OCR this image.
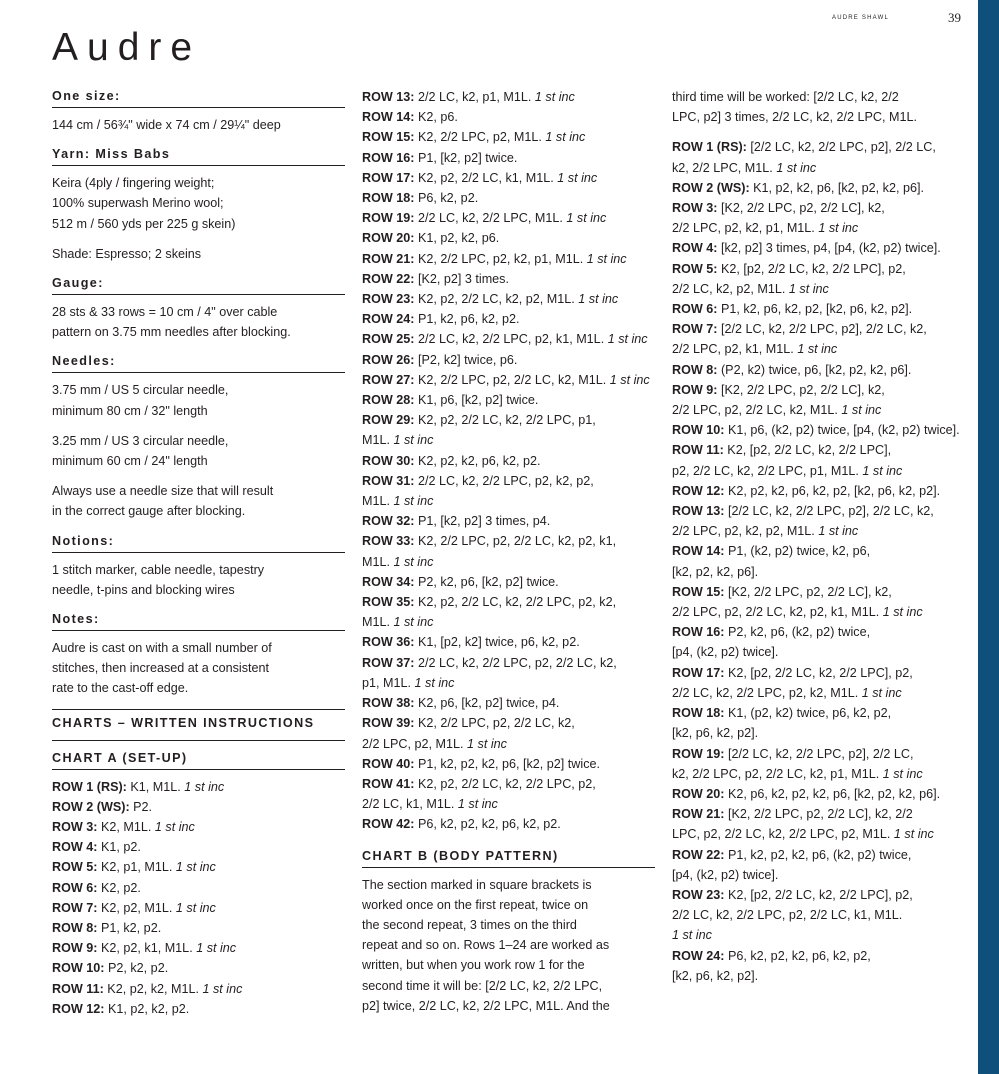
AUDRE SHAWL	39
Audre
One size:

144 cm / 56¾" wide x 74 cm / 29¼" deep

Yarn: Miss Babs

Keira (4ply / fingering weight;
100% superwash Merino wool;
512 m / 560 yds per 225 g skein)

Shade: Espresso; 2 skeins

Gauge:

28 sts & 33 rows = 10 cm / 4" over cable
pattern on 3.75 mm needles after blocking.

Needles:

3.75 mm / US 5 circular needle,
minimum 80 cm / 32" length

3.25 mm / US 3 circular needle,
minimum 60 cm / 24" length

Always use a needle size that will result
in the correct gauge after blocking.

Notions:

1 stitch marker, cable needle, tapestry
needle, t-pins and blocking wires

Notes:

Audre is cast on with a small number of
stitches, then increased at a consistent
rate to the cast-off edge.

CHARTS – WRITTEN INSTRUCTIONS
CHART A (SET-UP)

ROW 1 (RS): K1, M1L. 1 st inc

ROW 2 (WS): P2.

ROW 3: K2, M1L. 1 st inc

ROW 4: K1, p2.

ROW 5: K2, p1, M1L. 1 st inc

ROW 6: K2, p2.

ROW 7: K2, p2, M1L. 1 st inc

ROW 8: P1, k2, p2.

ROW 9: K2, p2, k1, M1L. 1 st inc

ROW 10: P2, k2, p2.

ROW 11: K2, p2, k2, M1L. 1 st inc

ROW 12: K1, p2, k2, p2.

ROW 13: 2/2 LC, k2, p1, M1L. 1 st inc

ROW 14: K2, p6.

ROW 15: K2, 2/2 LPC, p2, M1L. 1 st inc

ROW 16: P1, [k2, p2] twice.

ROW 17: K2, p2, 2/2 LC, k1, M1L. 1 st inc

ROW 18: P6, k2, p2.

ROW 19: 2/2 LC, k2, 2/2 LPC, M1L. 1 st inc

ROW 20: K1, p2, k2, p6.

ROW 21: K2, 2/2 LPC, p2, k2, p1, M1L. 1 st inc

ROW 22: [K2, p2] 3 times.

ROW 23: K2, p2, 2/2 LC, k2, p2, M1L. 1 st inc

ROW 24: P1, k2, p6, k2, p2.

ROW 25: 2/2 LC, k2, 2/2 LPC, p2, k1, M1L. 1 st inc

ROW 26: [P2, k2] twice, p6.

ROW 27: K2, 2/2 LPC, p2, 2/2 LC, k2, M1L. 1 st inc

ROW 28: K1, p6, [k2, p2] twice.

ROW 29: K2, p2, 2/2 LC, k2, 2/2 LPC, p1,
M1L. 1 st inc

ROW 30: K2, p2, k2, p6, k2, p2.

ROW 31: 2/2 LC, k2, 2/2 LPC, p2, k2, p2,
M1L. 1 st inc

ROW 32: P1, [k2, p2] 3 times, p4.

ROW 33: K2, 2/2 LPC, p2, 2/2 LC, k2, p2, k1,
M1L. 1 st inc

ROW 34: P2, k2, p6, [k2, p2] twice.

ROW 35: K2, p2, 2/2 LC, k2, 2/2 LPC, p2, k2,
M1L. 1 st inc

ROW 36: K1, [p2, k2] twice, p6, k2, p2.

ROW 37: 2/2 LC, k2, 2/2 LPC, p2, 2/2 LC, k2,
p1, M1L. 1 st inc

ROW 38: K2, p6, [k2, p2] twice, p4.

ROW 39: K2, 2/2 LPC, p2, 2/2 LC, k2,
2/2 LPC, p2, M1L. 1 st inc

ROW 40: P1, k2, p2, k2, p6, [k2, p2] twice.

ROW 41: K2, p2, 2/2 LC, k2, 2/2 LPC, p2,
2/2 LC, k1, M1L. 1 st inc

ROW 42: P6, k2, p2, k2, p6, k2, p2.

CHART B (BODY PATTERN)

The section marked in square brackets is
worked once on the first repeat, twice on
the second repeat, 3 times on the third
repeat and so on. Rows 1–24 are worked as
written, but when you work row 1 for the
second time it will be: [2/2 LC, k2, 2/2 LPC,
p2] twice, 2/2 LC, k2, 2/2 LPC, M1L. And the

third time will be worked: [2/2 LC, k2, 2/2
LPC, p2] 3 times, 2/2 LC, k2, 2/2 LPC, M1L.

ROW 1 (RS): [2/2 LC, k2, 2/2 LPC, p2], 2/2 LC,
k2, 2/2 LPC, M1L. 1 st inc

ROW 2 (WS): K1, p2, k2, p6, [k2, p2, k2, p6].

ROW 3: [K2, 2/2 LPC, p2, 2/2 LC], k2,
2/2 LPC, p2, k2, p1, M1L. 1 st inc

ROW 4: [k2, p2] 3 times, p4, [p4, (k2, p2) twice].

ROW 5: K2, [p2, 2/2 LC, k2, 2/2 LPC], p2,
2/2 LC, k2, p2, M1L. 1 st inc

ROW 6: P1, k2, p6, k2, p2, [k2, p6, k2, p2].

ROW 7: [2/2 LC, k2, 2/2 LPC, p2], 2/2 LC, k2,
2/2 LPC, p2, k1, M1L. 1 st inc

ROW 8: (P2, k2) twice, p6, [k2, p2, k2, p6].

ROW 9: [K2, 2/2 LPC, p2, 2/2 LC], k2,
2/2 LPC, p2, 2/2 LC, k2, M1L. 1 st inc

ROW 10: K1, p6, (k2, p2) twice, [p4, (k2, p2) twice].

ROW 11: K2, [p2, 2/2 LC, k2, 2/2 LPC],
p2, 2/2 LC, k2, 2/2 LPC, p1, M1L. 1 st inc

ROW 12: K2, p2, k2, p6, k2, p2, [k2, p6, k2, p2].

ROW 13: [2/2 LC, k2, 2/2 LPC, p2], 2/2 LC, k2,
2/2 LPC, p2, k2, p2, M1L. 1 st inc

ROW 14: P1, (k2, p2) twice, k2, p6,
[k2, p2, k2, p6].

ROW 15: [K2, 2/2 LPC, p2, 2/2 LC], k2,
2/2 LPC, p2, 2/2 LC, k2, p2, k1, M1L. 1 st inc

ROW 16: P2, k2, p6, (k2, p2) twice,
[p4, (k2, p2) twice].

ROW 17: K2, [p2, 2/2 LC, k2, 2/2 LPC], p2,
2/2 LC, k2, 2/2 LPC, p2, k2, M1L. 1 st inc

ROW 18: K1, (p2, k2) twice, p6, k2, p2,
[k2, p6, k2, p2].

ROW 19: [2/2 LC, k2, 2/2 LPC, p2], 2/2 LC,
k2, 2/2 LPC, p2, 2/2 LC, k2, p1, M1L. 1 st inc

ROW 20: K2, p6, k2, p2, k2, p6, [k2, p2, k2, p6].

ROW 21: [K2, 2/2 LPC, p2, 2/2 LC], k2, 2/2
LPC, p2, 2/2 LC, k2, 2/2 LPC, p2, M1L. 1 st inc

ROW 22: P1, k2, p2, k2, p6, (k2, p2) twice,
[p4, (k2, p2) twice].

ROW 23: K2, [p2, 2/2 LC, k2, 2/2 LPC], p2,
2/2 LC, k2, 2/2 LPC, p2, 2/2 LC, k1, M1L.
1 st inc

ROW 24: P6, k2, p2, k2, p6, k2, p2,
[k2, p6, k2, p2].
